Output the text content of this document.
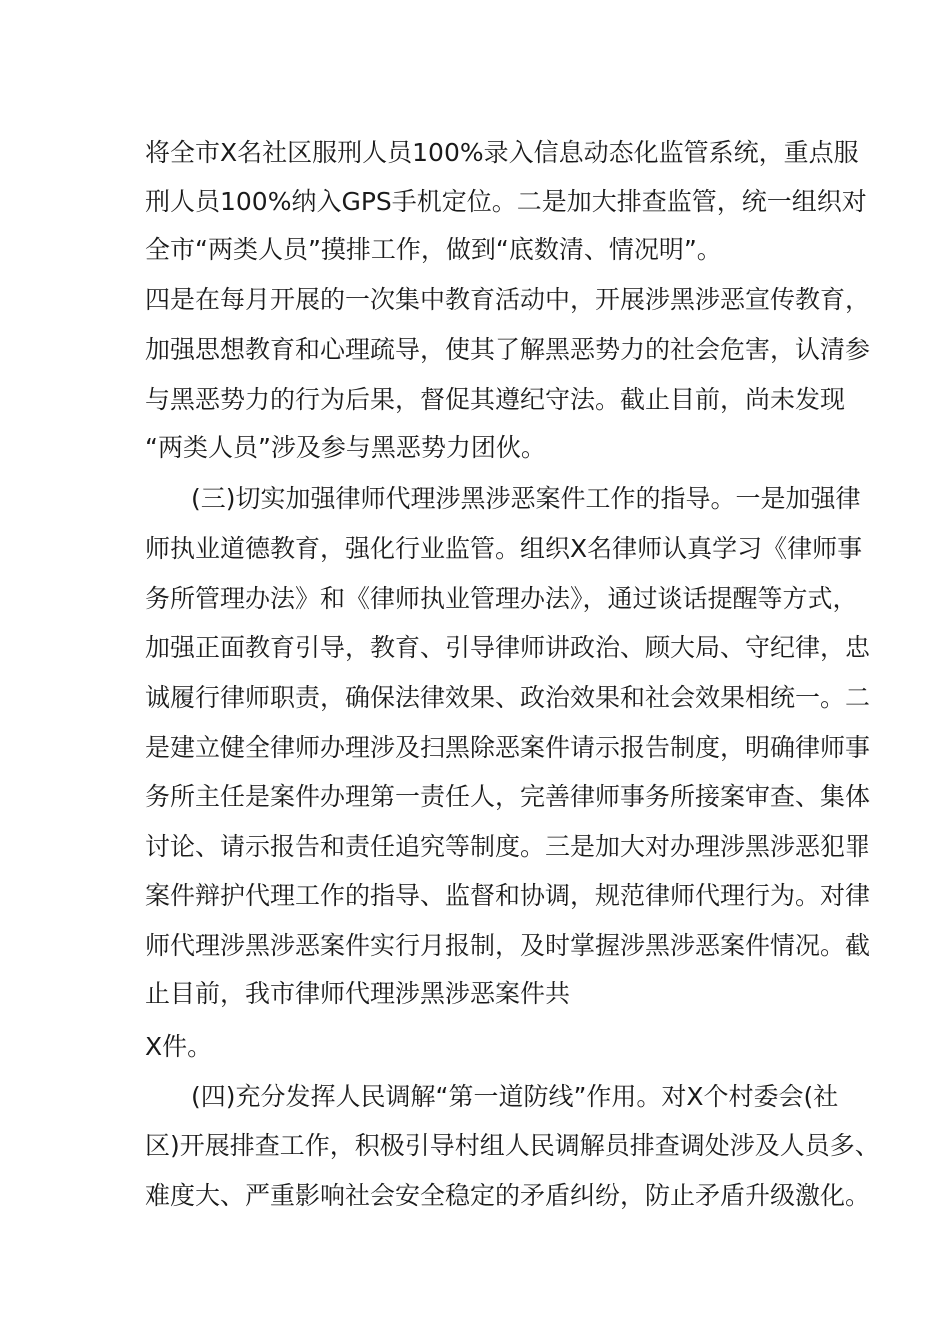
将全市X名社区服刑人员100%录入信息动态化监管系统，重点服
刑人员100%纳入GPS手机定位。二是加大排查监管，统一组织对
全市“两类人员”摸排工作，做到“底数清、情况明”。
四是在每月开展的一次集中教育活动中，开展涉黑涉恶宣传教育，
加强思想教育和心理疏导，使其了解黑恶势力的社会危害，认清参
与黑恶势力的行为后果，督促其遵纪守法。截止目前，尚未发现
“两类人员”涉及参与黑恶势力团伙。
(三)切实加强律师代理涉黑涉恶案件工作的指导。一是加强律
师执业道德教育，强化行业监管。组织X名律师认真学习《律师事
务所管理办法》和《律师执业管理办法》，通过谈话提醒等方式，
加强正面教育引导，教育、引导律师讲政治、顾大局、守纪律，忠
诚履行律师职责，确保法律效果、政治效果和社会效果相统一。二
是建立健全律师办理涉及扫黑除恶案件请示报告制度，明确律师事
务所主任是案件办理第一责任人，完善律师事务所接案审查、集体
讨论、请示报告和责任追究等制度。三是加大对办理涉黑涉恶犯罪
案件辩护代理工作的指导、监督和协调，规范律师代理行为。对律
师代理涉黑涉恶案件实行月报制，及时掌握涉黑涉恶案件情况。截
止目前，我市律师代理涉黑涉恶案件共
X件。
(四)充分发挥人民调解“第一道防线”作用。对X个村委会(社
区)开展排查工作，积极引导村组人民调解员排查调处涉及人员多、
难度大、严重影响社会安全稳定的矛盾纠纷，防止矛盾升级激化。
